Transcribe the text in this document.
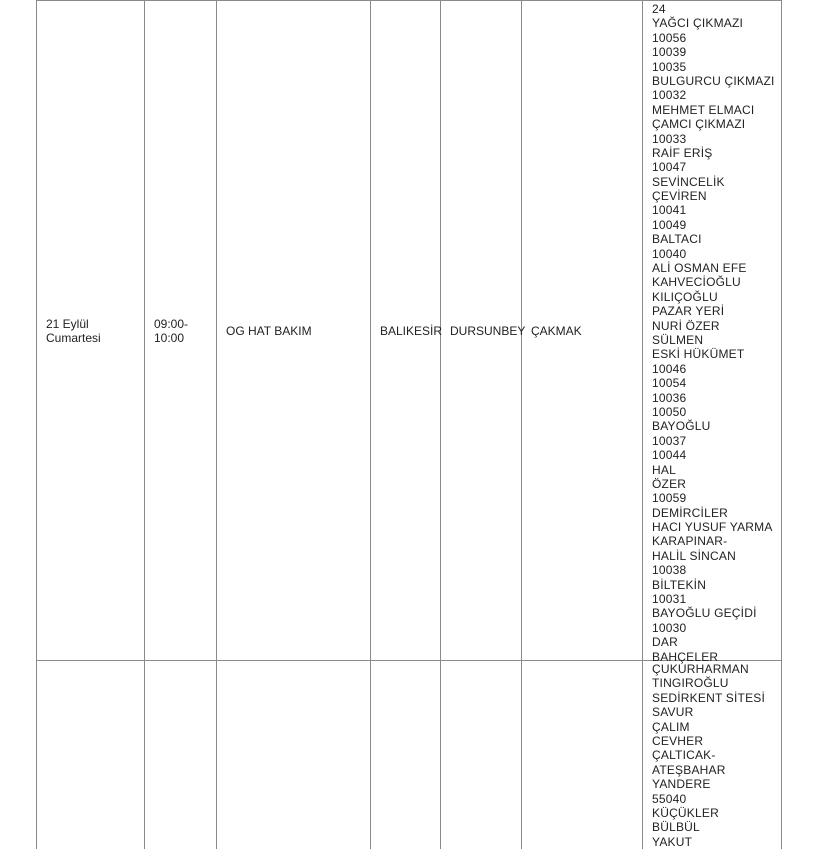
21 Eylül
Cumartesi
09:00-
10:00
OG HAT BAKIM	BALIKESİR DURSUNBEY ÇAKMAK
24
YAĞCI ÇIKMAZI
10056
10039
10035
BULGURCU ÇIKMAZI
10032
MEHMET ELMACI
ÇAMCI ÇIKMAZI
10033
RAİF ERİŞ
10047
SEVİNCELİK
ÇEVİREN
10041
10049
BALTACI
10040
ALİ OSMAN EFE
KAHVECİOĞLU
KILIÇOĞLU
PAZAR YERİ
NURİ ÖZER
SÜLMEN
ESKİ HÜKÜMET
10046
10054
10036
10050
BAYOĞLU
10037
10044
HAL
ÖZER
10059
DEMİRCİLER
HACI YUSUF YARMA
KARAPINAR-
HALİL SİNCAN
10038
BİLTEKİN
10031
BAYOĞLU GEÇİDİ
10030
DAR
BAHÇELER
ÇUKURHARMAN
TINGIROĞLU
SEDİRKENT SİTESİ
SAVUR
ÇALIM
CEVHER
ÇALTICAK-
ATEŞBAHAR
YANDERE
55040
KÜÇÜKLER
BÜLBÜL
YAKUT
